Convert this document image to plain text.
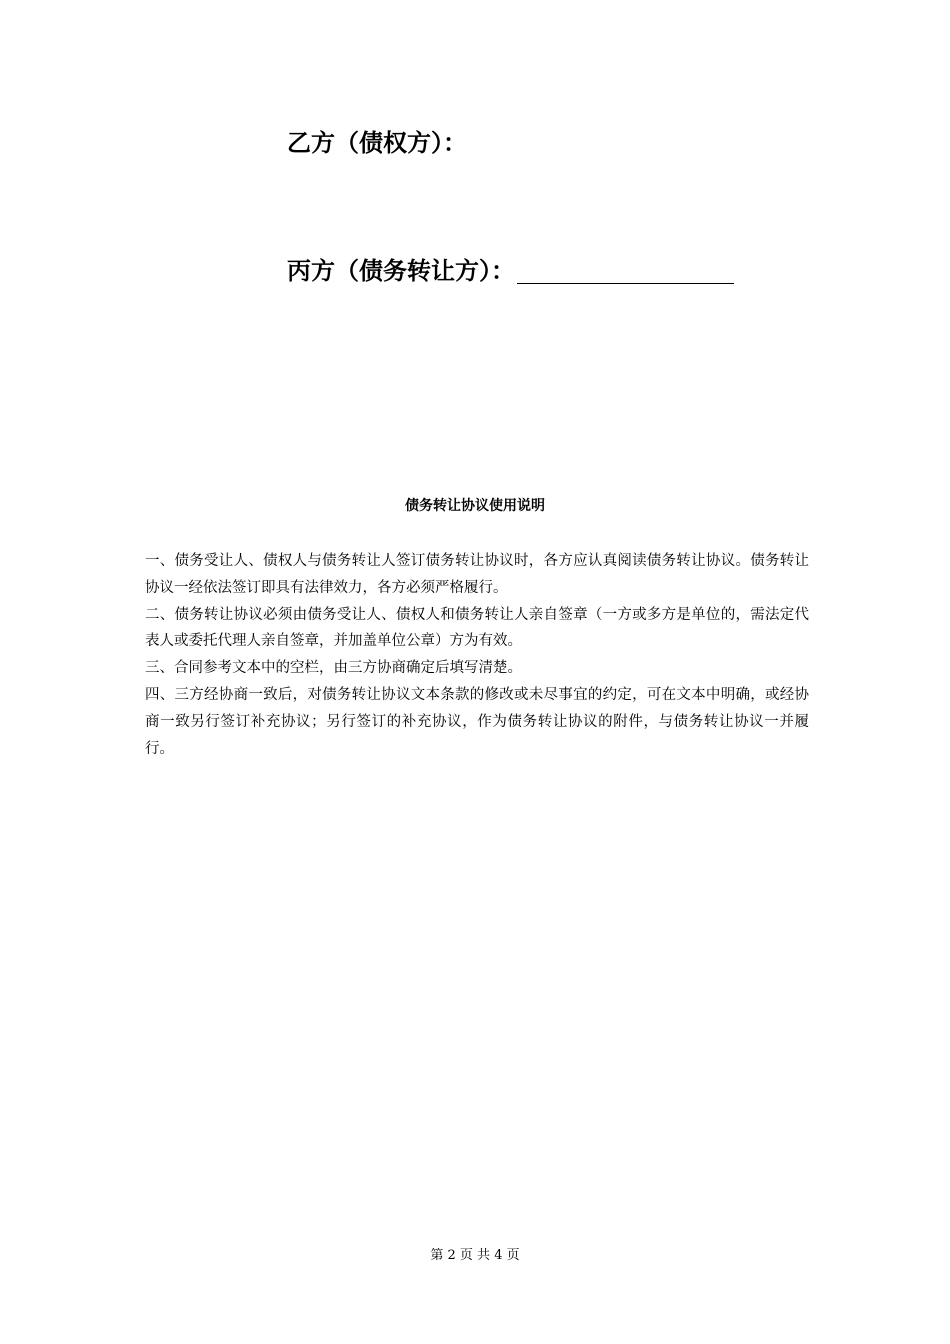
乙方（债权方）：
丙方（债务转让方）：
债务转让协议使用说明

一、债务受让人、债权人与债务转让人签订债务转让协议时，各方应认真阅读债务转让协议。债务转让协议一经依法签订即具有法律效力，各方必须严格履行。

二、债务转让协议必须由债务受让人、债权人和债务转让人亲自签章（一方或多方是单位的，需法定代表人或委托代理人亲自签章，并加盖单位公章）方为有效。

三、合同参考文本中的空栏，由三方协商确定后填写清楚。

四、三方经协商一致后，对债务转让协议文本条款的修改或未尽事宜的约定，可在文本中明确，或经协商一致另行签订补充协议；另行签订的补充协议，作为债务转让协议的附件，与债务转让协议一并履行。

第 2 页 共 4 页
